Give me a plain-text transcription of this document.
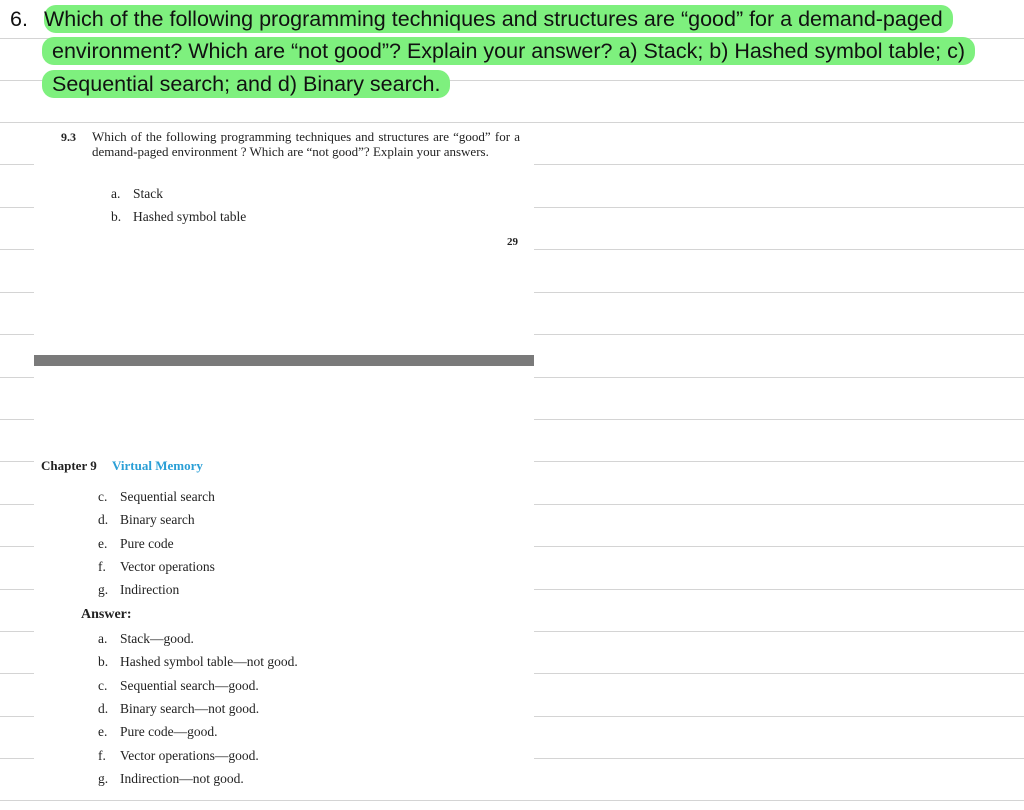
6. Which of the following programming techniques and structures are “good” for a demand-paged
environment? Which are “not good”? Explain your answer? a) Stack; b) Hashed symbol table; c)
Sequential search; and d) Binary search.
9.3 Which of the following programming techniques and structures are “good” for a demand-paged environment ? Which are “not good”? Explain your answers.
a. Stack
b. Hashed symbol table
29
Chapter 9 Virtual Memory
c. Sequential search
d. Binary search
e. Pure code
f. Vector operations
g. Indirection
Answer:
a. Stack—good.
b. Hashed symbol table—not good.
c. Sequential search—good.
d. Binary search—not good.
e. Pure code—good.
f. Vector operations—good.
g. Indirection—not good.
